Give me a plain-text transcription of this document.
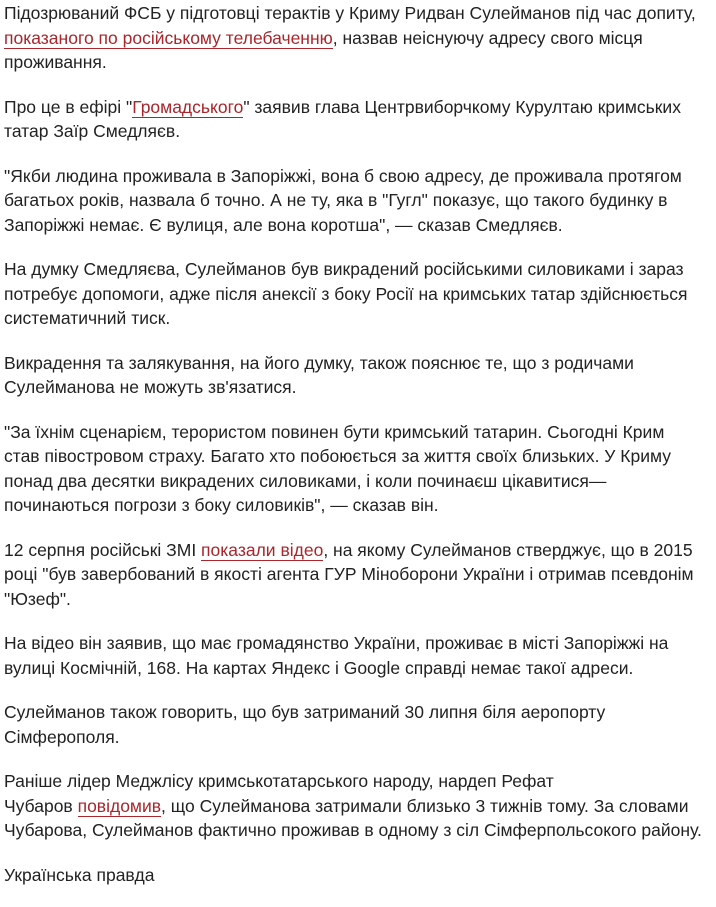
Підозрюваний ФСБ у підготовці терактів у Криму Ридван Сулейманов під час допиту, показаного по російському телебаченню, назвав неіснуючу адресу свого місця проживання.

Про це в ефірі "Громадського" заявив глава Центрвиборчкому Курултаю кримських татар Заїр Смедляєв.

"Якби людина проживала в Запоріжжі, вона б свою адресу, де проживала протягом багатьох років, назвала б точно. А не ту, яка в "Гугл" показує, що такого будинку в Запоріжжі немає. Є вулиця, але вона коротша", — сказав Смедляєв.

На думку Смедляєва, Сулейманов був викрадений російськими силовиками і зараз потребує допомоги, адже після анексії з боку Росії на кримських татар здійснюється систематичний тиск.

Викрадення та залякування, на його думку, також пояснює те, що з родичами Сулейманова не можуть зв'язатися.

"За їхнім сценарієм, терористом повинен бути кримський татарин. Сьогодні Крим став півостровом страху. Багато хто побоюється за життя своїх близьких. У Криму понад два десятки викрадених силовиками, і коли починаєш цікавитися— починаються погрози з боку силовиків", — сказав він.

12 серпня російські ЗМІ показали відео, на якому Сулейманов стверджує, що в 2015 році "був завербований в якості агента ГУР Міноборони України і отримав псевдонім "Юзеф".

На відео він заявив, що має громадянство України, проживає в місті Запоріжжі на вулиці Космічній, 168. На картах Яндекс і Google справді немає такої адреси.

Сулейманов також говорить, що був затриманий 30 липня біля аеропорту Сімферополя.

Раніше лідер Меджлісу кримськотатарського народу, нардеп Рефат
Чубаров повідомив, що Сулейманова затримали близько 3 тижнів тому. За словами Чубарова, Сулейманов фактично проживав в одному з сіл Сімферпольсокого району.

Українська правда
